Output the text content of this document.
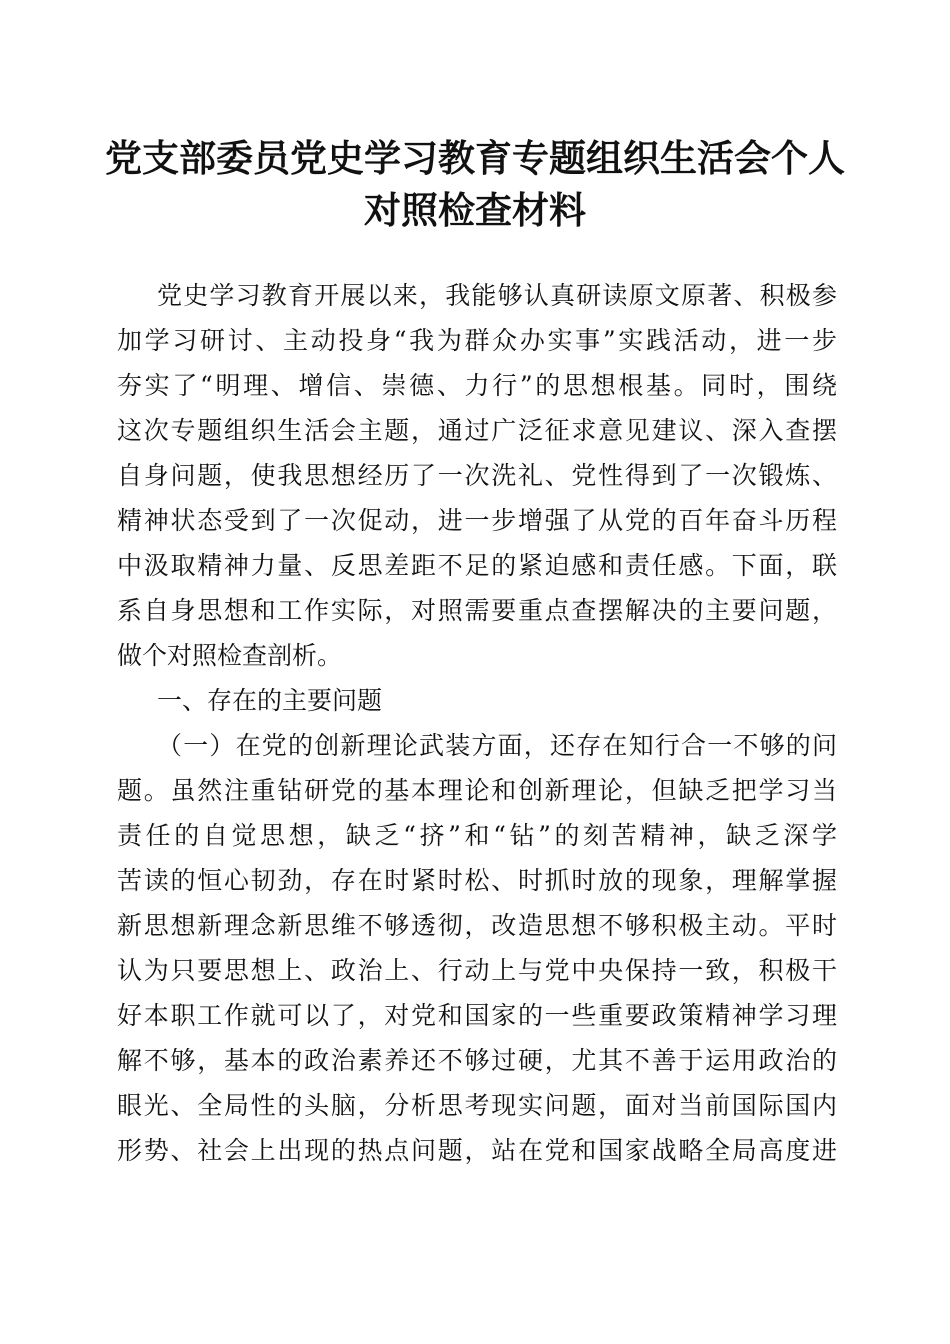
党支部委员党史学习教育专题组织生活会个人
对照检查材料
党史学习教育开展以来，我能够认真研读原文原著、积极参
加学习研讨、主动投身“我为群众办实事”实践活动，进一步
夯实了“明理、增信、崇德、力行”的思想根基。同时，围绕
这次专题组织生活会主题，通过广泛征求意见建议、深入查摆
自身问题，使我思想经历了一次洗礼、党性得到了一次锻炼、
精神状态受到了一次促动，进一步增强了从党的百年奋斗历程
中汲取精神力量、反思差距不足的紧迫感和责任感。下面，联
系自身思想和工作实际，对照需要重点查摆解决的主要问题，
做个对照检查剖析。
一、存在的主要问题
（一）在党的创新理论武装方面，还存在知行合一不够的问
题。虽然注重钻研党的基本理论和创新理论，但缺乏把学习当
责任的自觉思想，缺乏“挤”和“钻”的刻苦精神，缺乏深学
苦读的恒心韧劲，存在时紧时松、时抓时放的现象，理解掌握
新思想新理念新思维不够透彻，改造思想不够积极主动。平时
认为只要思想上、政治上、行动上与党中央保持一致，积极干
好本职工作就可以了，对党和国家的一些重要政策精神学习理
解不够，基本的政治素养还不够过硬，尤其不善于运用政治的
眼光、全局性的头脑，分析思考现实问题，面对当前国际国内
形势、社会上出现的热点问题，站在党和国家战略全局高度进
